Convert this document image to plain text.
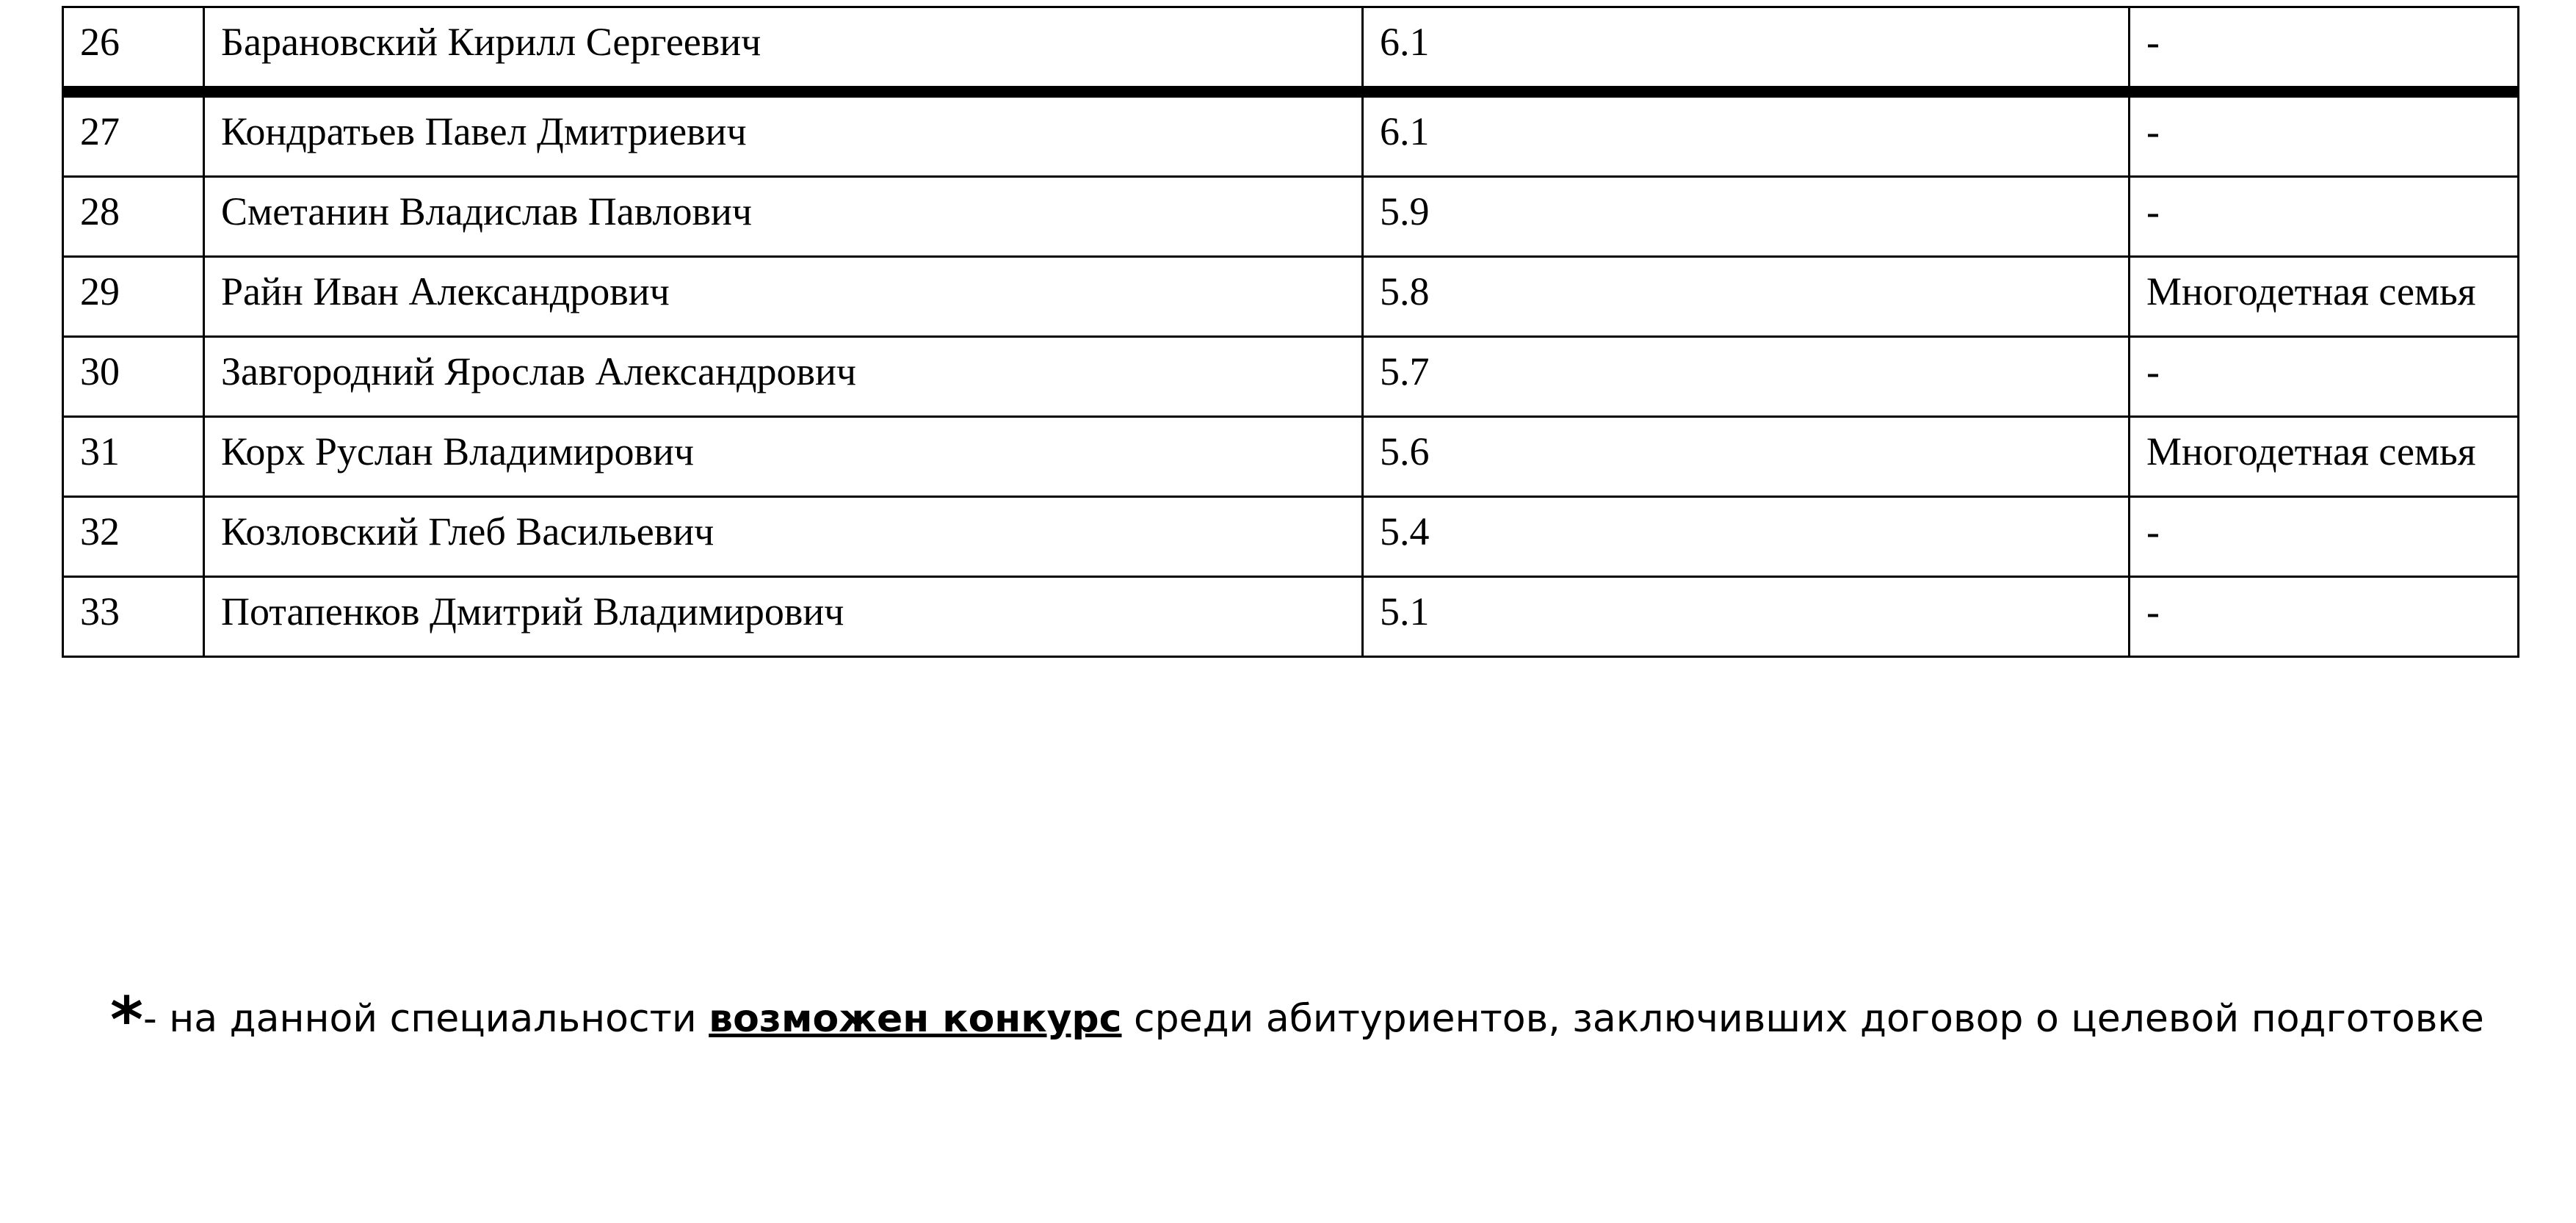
26	Барановский Кирилл Сергеевич	6.1	-
27	Кондратьев Павел Дмитриевич	6.1	-
28	Сметанин Владислав Павлович	5.9	-
29	Райн Иван Александрович	5.8	Многодетная семья
30	Завгородний Ярослав Александрович	5.7	-
31	Корх Руслан Владимирович	5.6	Многодетная семья
32	Козловский Глеб Васильевич	5.4	-
33	Потапенков Дмитрий Владимирович	5.1	-
*- на данной специальности возможен конкурс среди абитуриентов, заключивших договор о целевой подготовке
